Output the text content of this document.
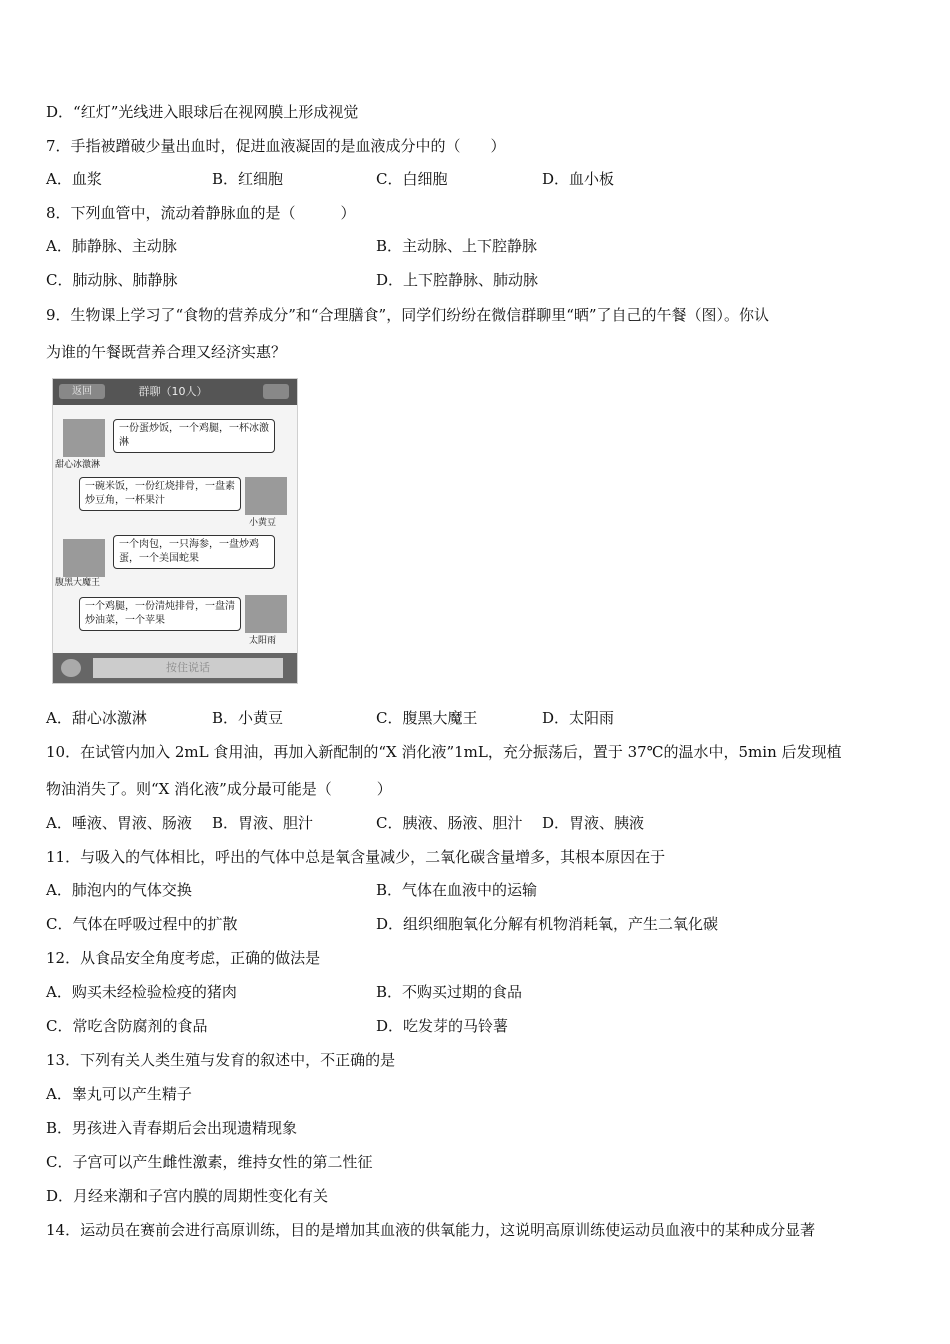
D．“红灯”光线进入眼球后在视网膜上形成视觉
7．手指被蹭破少量出血时，促进血液凝固的是血液成分中的（　　）
A．血浆	B．红细胞	C．白细胞	D．血小板
8．下列血管中，流动着静脉血的是（　　　）
A．肺静脉、主动脉	B．主动脉、上下腔静脉
C．肺动脉、肺静脉	D．上下腔静脉、肺动脉
9．生物课上学习了“食物的营养成分”和“合理膳食”，同学们纷纷在微信群聊里“晒”了自己的午餐（图）。你认
为谁的午餐既营养合理又经济实惠？
返回	群聊（10人）
甜心冰激淋
一份蛋炒饭，一个鸡腿，一杯冰激淋
小黄豆
一碗米饭，一份红烧排骨，一盘素炒豆角，一杯果汁
腹黑大魔王
一个肉包，一只海参，一盘炒鸡蛋，一个美国蛇果
太阳雨
一个鸡腿，一份清炖排骨，一盘清炒油菜，一个苹果
按住说话
A．甜心冰激淋	B．小黄豆	C．腹黑大魔王	D．太阳雨
10．在试管内加入 2mL 食用油，再加入新配制的“X 消化液”1mL，充分振荡后，置于 37℃的温水中，5min 后发现植
物油消失了。则“X 消化液”成分最可能是（　　　）
A．唾液、胃液、肠液 B．胃液、胆汁	C．胰液、肠液、胆汁 D．胃液、胰液
11．与吸入的气体相比，呼出的气体中总是氧含量减少，二氧化碳含量增多，其根本原因在于
A．肺泡内的气体交换	B．气体在血液中的运输
C．气体在呼吸过程中的扩散	D．组织细胞氧化分解有机物消耗氧，产生二氧化碳
12．从食品安全角度考虑，正确的做法是
A．购买未经检验检疫的猪肉	B．不购买过期的食品
C．常吃含防腐剂的食品	D．吃发芽的马铃薯
13．下列有关人类生殖与发育的叙述中，不正确的是
A．睾丸可以产生精子
B．男孩进入青春期后会出现遗精现象
C．子宫可以产生雌性激素，维持女性的第二性征
D．月经来潮和子宫内膜的周期性变化有关
14．运动员在赛前会进行高原训练，目的是增加其血液的供氧能力，这说明高原训练使运动员血液中的某种成分显著
